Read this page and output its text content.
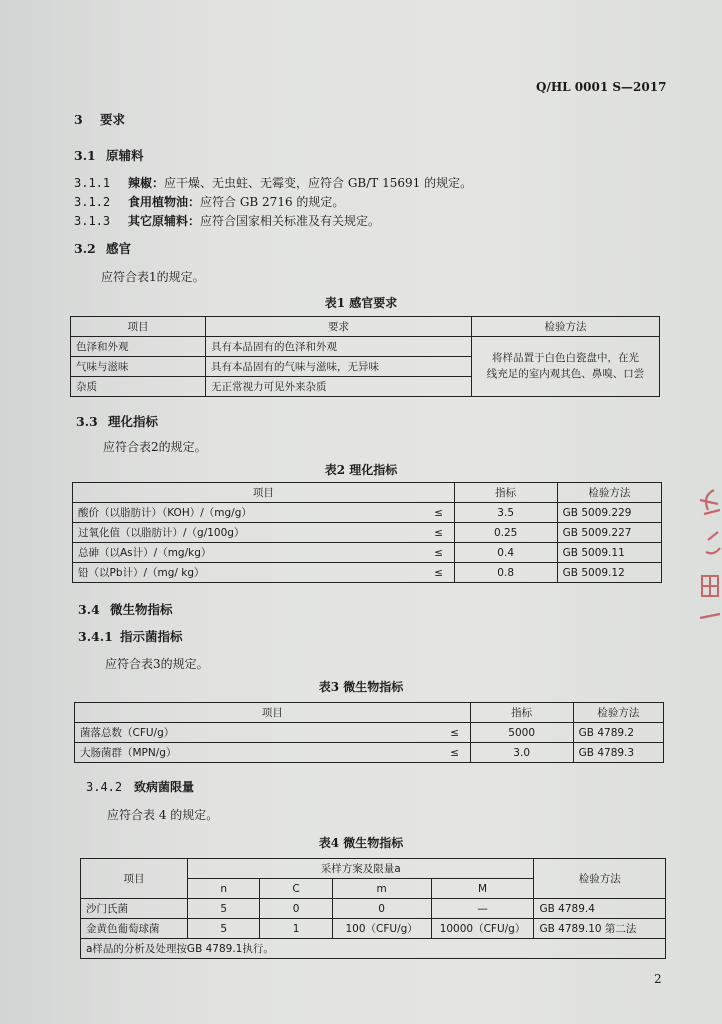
Q/HL 0001 S—2017
3 要求
3.1 原辅料
3.1.1 辣椒：应干燥、无虫蛀、无霉变，应符合 GB/T 15691 的规定。
3.1.2 食用植物油：应符合 GB 2716 的规定。
3.1.3 其它原辅料：应符合国家相关标准及有关规定。
3.2 感官
应符合表1的规定。
表1 感官要求
项目	要求	检验方法
色泽和外观	具有本品固有的色泽和外观	将样品置于白色白瓷盘中，在光
线充足的室内观其色、鼻嗅、口尝
气味与滋味	具有本品固有的气味与滋味，无异味	
杂质	无正常视力可见外来杂质	
3.3 理化指标
应符合表2的规定。
表2 理化指标
项目		指标	检验方法
酸价（以脂肪计）（KOH）/（mg/g）	≤	3.5	GB 5009.229
过氧化值（以脂肪计）/（g/100g）	≤	0.25	GB 5009.227
总砷（以As计）/（mg/kg）	≤	0.4	GB 5009.11
铅（以Pb计）/（mg/ kg）	≤	0.8	GB 5009.12
3.4 微生物指标
3.4.1 指示菌指标
应符合表3的规定。
表3 微生物指标
项目		指标	检验方法
菌落总数（CFU/g）	≤	5000	GB 4789.2
大肠菌群（MPN/g）	≤	3.0	GB 4789.3
3.4.2 致病菌限量
应符合表 4 的规定。
表4 微生物指标
项目	采样方案及限量a				检验方法
	n	C	m	M	
沙门氏菌	5	0	0	—	GB 4789.4
金黄色葡萄球菌	5	1	100（CFU/g）	10000（CFU/g）	GB 4789.10 第二法
a样品的分析及处理按GB 4789.1执行。					
2
